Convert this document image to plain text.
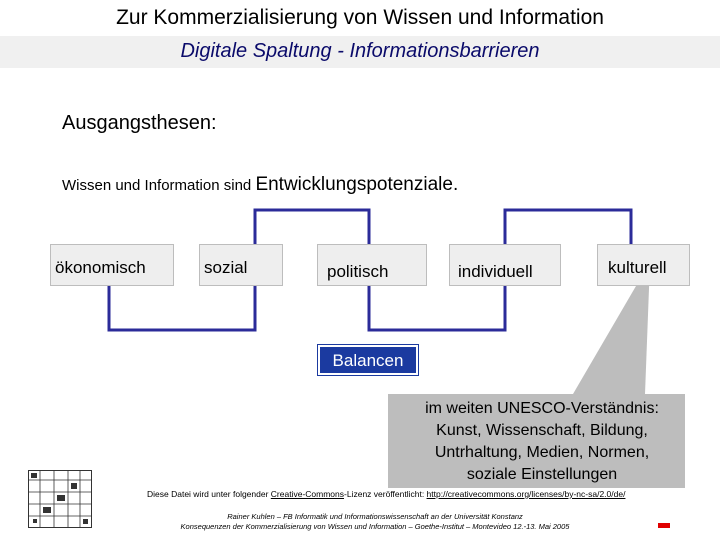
Zur Kommerzialisierung von Wissen und Information
Digitale Spaltung - Informationsbarrieren
Ausgangsthesen:
Wissen und Information sind Entwicklungspotenziale.
ökonomisch	sozial	politisch	individuell	kulturell
Balancen
im weiten UNESCO-Verständnis:
Kunst, Wissenschaft, Bildung,
Untrhaltung, Medien, Normen,
soziale Einstellungen
Diese Datei wird unter folgender Creative-Commons-Lizenz veröffentlicht: http://creativecommons.org/licenses/by-nc-sa/2.0/de/
Rainer Kuhlen – FB Informatik und Informationswissenschaft an der Universität Konstanz
Konsequenzen der Kommerzialisierung von Wissen und Information – Goethe-Institut – Montevideo 12.-13. Mai 2005
